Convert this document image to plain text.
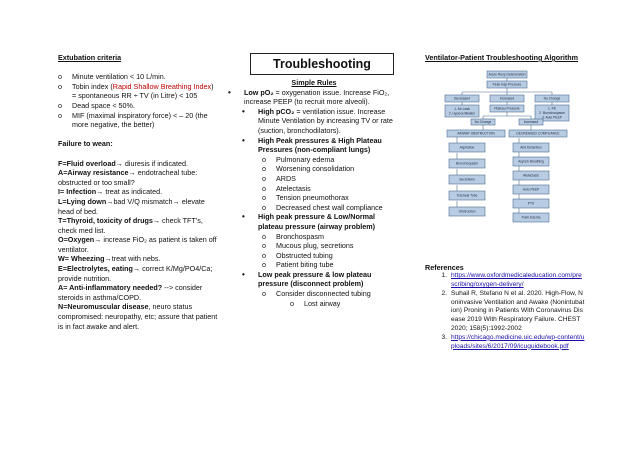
Extubation criteria
o	Minute ventilation < 10 L/min.
o	Tobin index (Rapid Shallow Breathing Index)
= spontaneous RR ÷ TV (in Litre) < 105
o	Dead space < 50%.
o	MIF (maximal inspiratory force) < – 20 (the more negative, the better)
Failure to wean:
F=Fluid overload→ diuresis if indicated.
A=Airway resistance→ endotracheal tube: obstructed or too small?
I= Infection→ treat as indicated.
L=Lying down→bad V/Q mismatch→ elevate head of bed.
T=Thyroid, toxicity of drugs→ check TFT’s, check med list.
O=Oxygen→ increase FiO₂ as patient is taken off ventilator.
W= Wheezing→treat with nebs.
E=Electrolytes, eating→ correct K/Mg/PO4/Ca; provide nutrition.
A= Anti-inflammatory needed? --> consider steroids in asthma/COPD.
N=Neuromuscular disease, neuro status compromised: neuropathy, etc; assure that patient is in fact awake and alert.
Troubleshooting
Simple Rules
•	Low pO₂ = oxygenation issue. Increase FiO₂, increase PEEP (to recruit more alveoli).
•	High pCO₂ = ventilation issue. Increase Minute Ventilation by increasing TV or rate (suction, bronchodilators).
•	High Peak pressures & High Plateau Pressures (non-compliant lungs)
o	Pulmonary edema
o	Worsening consolidation
o	ARDS
o	Atelectasis
o	Tension pneumothorax
o	Decreased chest wall compliance
•	High peak pressure & Low/Normal plateau pressure (airway problem)
o	Bronchospasm
o	Mucous plug, secretions
o	Obstructed tubing
o	Patient biting tube
•	Low peak pressure & low plateau pressure (disconnect problem)
o	Consider disconnected tubing
o	Lost airway
Ventilator-Patient Troubleshooting Algorithm
Acute Resp Deterioration
Peak Insp Pressure
Decreased	Increased	No Change
1. Air Leak
2. Hypoventilation
Plateau Pressure	1. PE
2. Bronchospasm
3. Auto PEEP
No Change	Increased
AIRWAY OBSTRUCTION	DECREASED COMPLIANCE
Aspiration
Bronchospasm
Secretions
Tracheal Tube
Obstruction
Abd Distention
Asynch Breathing
Atelectasis
Auto PEEP
PTX
Pulm Edema
References
1. https://www.oxfordmedicaleducation.com/prescribing/oxygen-delivery/
2. Suhail R, Stefano N et al. 2020. High-Flow, Noninvasive Ventilation and Awake (Nonintubation) Proning in Patients With Coronavirus Disease 2019 With Respiratory Failure. CHEST 2020; 158(5):1992-2002
3. https://chicago.medicine.uic.edu/wp-content/uploads/sites/6/2017/09/icuguidebook.pdf
